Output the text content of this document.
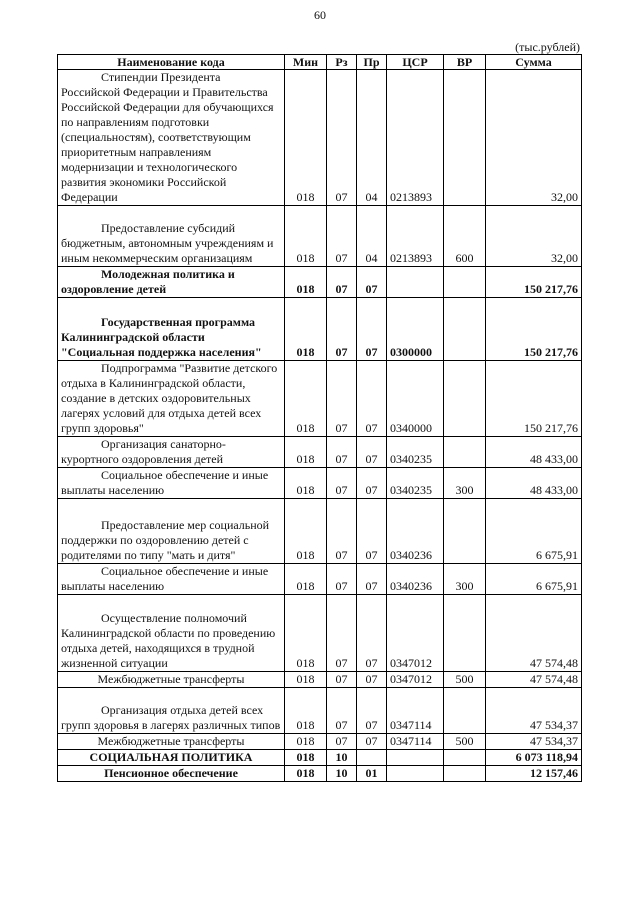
60
(тыс.рублей)
Наименование кода	Мин	Рз	Пр	ЦСР	ВР	Сумма
Стипендии Президента Российской Федерации и Правительства Российской Федерации для обучающихся по направлениям подготовки (специальностям), соответствующим приоритетным направлениям модернизации и технологического развития экономики Российской Федерации	018	07	04	0213893		32,00
Предоставление субсидий бюджетным, автономным учреждениям и иным некоммерческим организациям	018	07	04	0213893	600	32,00
Молодежная политика и оздоровление детей	018	07	07			150 217,76
Государственная программа Калининградской области "Социальная поддержка населения"	018	07	07	0300000		150 217,76
Подпрограмма "Развитие детского отдыха в Калининградской области, создание в детских оздоровительных лагерях условий для отдыха детей всех групп здоровья"	018	07	07	0340000		150 217,76
Организация санаторно-курортного оздоровления детей	018	07	07	0340235		48 433,00
Социальное обеспечение и иные выплаты населению	018	07	07	0340235	300	48 433,00
Предоставление мер социальной поддержки по оздоровлению детей с родителями по типу "мать и дитя"	018	07	07	0340236		6 675,91
Социальное обеспечение и иные выплаты населению	018	07	07	0340236	300	6 675,91
Осуществление полномочий Калининградской области по проведению отдыха детей, находящихся в трудной жизненной ситуации	018	07	07	0347012		47 574,48
Межбюджетные трансферты	018	07	07	0347012	500	47 574,48
Организация отдыха детей всех групп здоровья в лагерях различных типов	018	07	07	0347114		47 534,37
Межбюджетные трансферты	018	07	07	0347114	500	47 534,37
СОЦИАЛЬНАЯ ПОЛИТИКА	018	10				6 073 118,94
Пенсионное обеспечение	018	10	01			12 157,46
